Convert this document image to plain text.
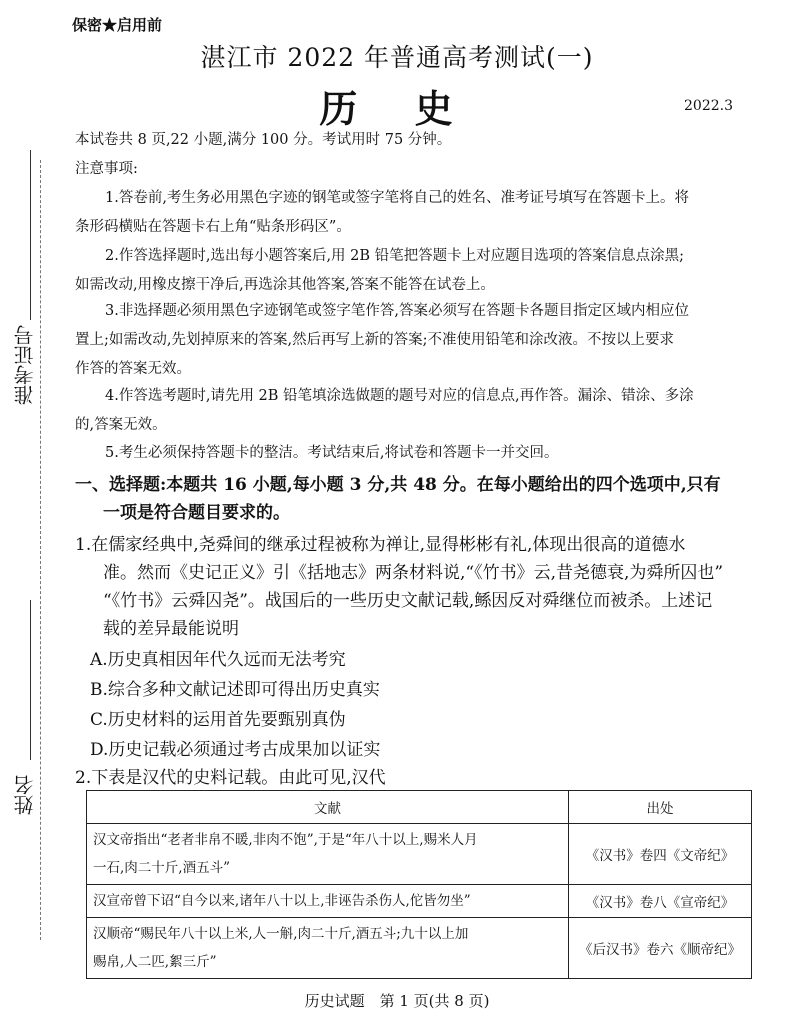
保密★启用前
湛江市 2022 年普通高考测试(一)
历 史	2022.3
准考证号
姓名
本试卷共 8 页,22 小题,满分 100 分。考试用时 75 分钟。
注意事项:
1.答卷前,考生务必用黑色字迹的钢笔或签字笔将自己的姓名、准考证号填写在答题卡上。将
条形码横贴在答题卡右上角“贴条形码区”。
2.作答选择题时,选出每小题答案后,用 2B 铅笔把答题卡上对应题目选项的答案信息点涂黑;
如需改动,用橡皮擦干净后,再选涂其他答案,答案不能答在试卷上。
3.非选择题必须用黑色字迹钢笔或签字笔作答,答案必须写在答题卡各题目指定区域内相应位
置上;如需改动,先划掉原来的答案,然后再写上新的答案;不准使用铅笔和涂改液。不按以上要求
作答的答案无效。
4.作答选考题时,请先用 2B 铅笔填涂选做题的题号对应的信息点,再作答。漏涂、错涂、多涂
的,答案无效。
5.考生必须保持答题卡的整洁。考试结束后,将试卷和答题卡一并交回。
一、选择题:本题共 16 小题,每小题 3 分,共 48 分。在每小题给出的四个选项中,只有
一项是符合题目要求的。
1.在儒家经典中,尧舜间的继承过程被称为禅让,显得彬彬有礼,体现出很高的道德水
准。然而《史记正义》引《括地志》两条材料说,“《竹书》云,昔尧德衰,为舜所囚也”
“《竹书》云舜囚尧”。战国后的一些历史文献记载,鲧因反对舜继位而被杀。上述记
载的差异最能说明
A.历史真相因年代久远而无法考究
B.综合多种文献记述即可得出历史真实
C.历史材料的运用首先要甄别真伪
D.历史记载必须通过考古成果加以证实
2.下表是汉代的史料记载。由此可见,汉代
文献	出处

汉文帝指出“老者非帛不暖,非肉不饱”,于是“年八十以上,赐米人月
一石,肉二十斤,酒五斗”	《汉书》卷四《文帝纪》

汉宣帝曾下诏“自今以来,诸年八十以上,非诬告杀伤人,佗皆勿坐”	《汉书》卷八《宣帝纪》

汉顺帝“赐民年八十以上米,人一斛,肉二十斤,酒五斗;九十以上加
赐帛,人二匹,絮三斤”	《后汉书》卷六《顺帝纪》
历史试题　第 1 页(共 8 页)
